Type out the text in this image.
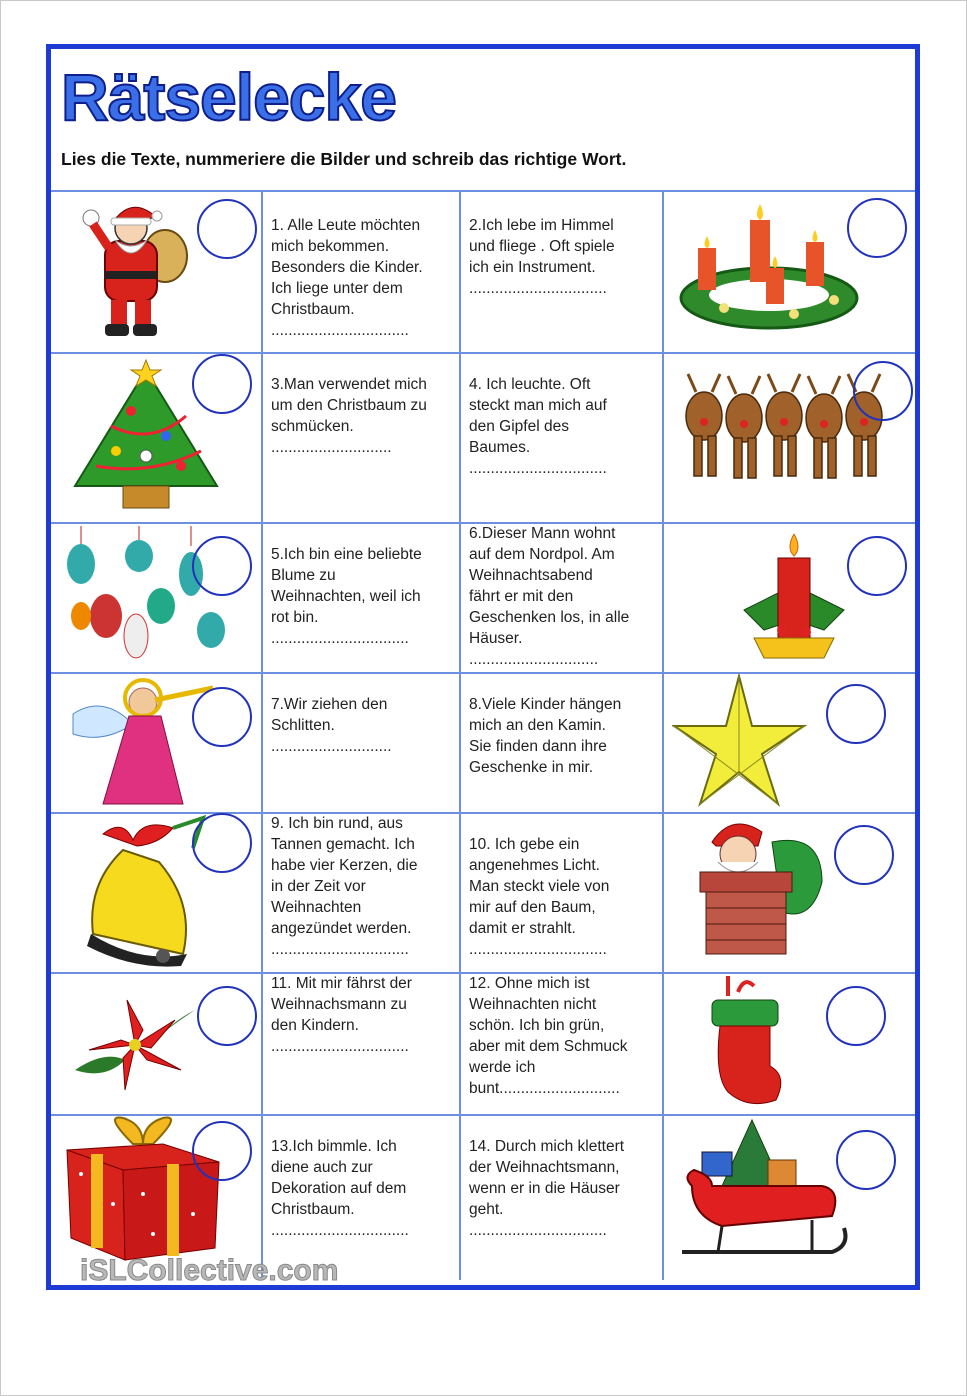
Rätselecke
Lies die Texte, nummeriere die Bilder und schreib das richtige Wort.
1. Alle Leute möchten
mich bekommen.
Besonders die Kinder.
Ich liege unter dem
Christbaum.
................................
2.Ich lebe im Himmel
und fliege . Oft spiele
ich ein Instrument.
................................
3.Man verwendet mich
um den Christbaum zu
schmücken.
............................
4. Ich leuchte. Oft
steckt man mich auf
den Gipfel des
Baumes.
................................
5.Ich bin eine beliebte
Blume zu
Weihnachten, weil ich
rot bin.
................................
6.Dieser Mann wohnt
auf dem Nordpol. Am
Weihnachtsabend
fährt er mit den
Geschenken los, in alle
Häuser.
..............................
7.Wir ziehen den
Schlitten.
............................
8.Viele Kinder hängen
mich an den Kamin.
Sie finden dann ihre
Geschenke in mir.
9. Ich bin rund, aus
Tannen gemacht. Ich
habe vier Kerzen, die
in der Zeit vor
Weihnachten
angezündet werden.
................................
10. Ich gebe ein
angenehmes Licht.
Man steckt viele von
mir auf den Baum,
damit er strahlt.
................................
11. Mit mir fährst der
Weihnachsmann zu
den Kindern.
................................
12. Ohne mich ist
Weihnachten nicht
schön. Ich bin grün,
aber mit dem Schmuck
werde ich
bunt............................
13.Ich bimmle. Ich
diene auch zur
Dekoration auf dem
Christbaum.
................................
14. Durch mich klettert
der Weihnachtsmann,
wenn er in die Häuser
geht.
................................
iSLCollective.com
